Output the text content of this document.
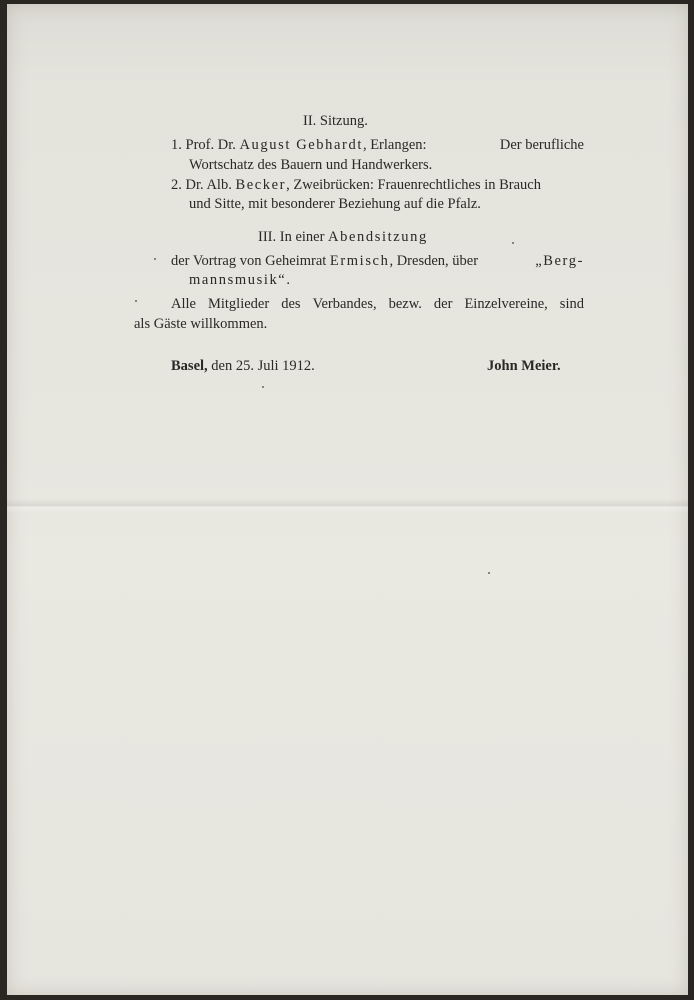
II. Sitzung.
1. Prof. Dr. August Gebhardt, Erlangen:	Der berufliche
Wortschatz des Bauern und Handwerkers.
2. Dr. Alb. Becker, Zweibrücken: Frauenrechtliches in Brauch
und Sitte, mit besonderer Beziehung auf die Pfalz.
III. In einer Abendsitzung
der Vortrag von Geheimrat Ermisch, Dresden, über	„Berg-
mannsmusik“.
Alle Mitglieder des Verbandes, bezw. der Einzelvereine, sind
als Gäste willkommen.
Basel, den 25. Juli 1912.	John Meier.
